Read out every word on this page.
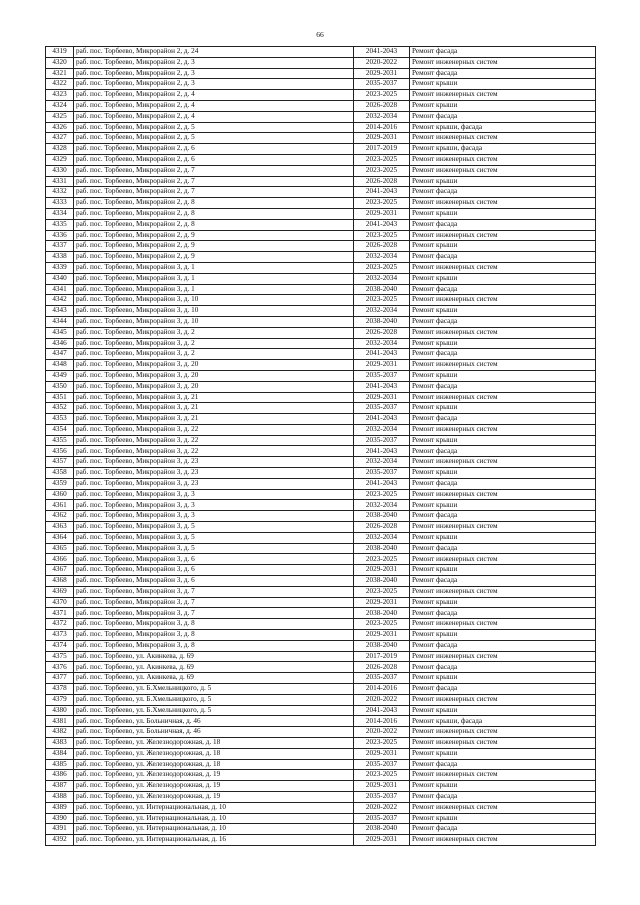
66
4319	раб. пос. Торбеево, Микрорайон 2, д. 24	2041-2043	Ремонт фасада
4320	раб. пос. Торбеево, Микрорайон 2, д. 3	2020-2022	Ремонт инженерных систем
4321	раб. пос. Торбеево, Микрорайон 2, д. 3	2029-2031	Ремонт фасада
4322	раб. пос. Торбеево, Микрорайон 2, д. 3	2035-2037	Ремонт крыши
4323	раб. пос. Торбеево, Микрорайон 2, д. 4	2023-2025	Ремонт инженерных систем
4324	раб. пос. Торбеево, Микрорайон 2, д. 4	2026-2028	Ремонт крыши
4325	раб. пос. Торбеево, Микрорайон 2, д. 4	2032-2034	Ремонт фасада
4326	раб. пос. Торбеево, Микрорайон 2, д. 5	2014-2016	Ремонт крыши, фасада
4327	раб. пос. Торбеево, Микрорайон 2, д. 5	2029-2031	Ремонт инженерных систем
4328	раб. пос. Торбеево, Микрорайон 2, д. 6	2017-2019	Ремонт крыши, фасада
4329	раб. пос. Торбеево, Микрорайон 2, д. 6	2023-2025	Ремонт инженерных систем
4330	раб. пос. Торбеево, Микрорайон 2, д. 7	2023-2025	Ремонт инженерных систем
4331	раб. пос. Торбеево, Микрорайон 2, д. 7	2026-2028	Ремонт крыши
4332	раб. пос. Торбеево, Микрорайон 2, д. 7	2041-2043	Ремонт фасада
4333	раб. пос. Торбеево, Микрорайон 2, д. 8	2023-2025	Ремонт инженерных систем
4334	раб. пос. Торбеево, Микрорайон 2, д. 8	2029-2031	Ремонт крыши
4335	раб. пос. Торбеево, Микрорайон 2, д. 8	2041-2043	Ремонт фасада
4336	раб. пос. Торбеево, Микрорайон 2, д. 9	2023-2025	Ремонт инженерных систем
4337	раб. пос. Торбеево, Микрорайон 2, д. 9	2026-2028	Ремонт крыши
4338	раб. пос. Торбеево, Микрорайон 2, д. 9	2032-2034	Ремонт фасада
4339	раб. пос. Торбеево, Микрорайон 3, д. 1	2023-2025	Ремонт инженерных систем
4340	раб. пос. Торбеево, Микрорайон 3, д. 1	2032-2034	Ремонт крыши
4341	раб. пос. Торбеево, Микрорайон 3, д. 1	2038-2040	Ремонт фасада
4342	раб. пос. Торбеево, Микрорайон 3, д. 10	2023-2025	Ремонт инженерных систем
4343	раб. пос. Торбеево, Микрорайон 3, д. 10	2032-2034	Ремонт крыши
4344	раб. пос. Торбеево, Микрорайон 3, д. 10	2038-2040	Ремонт фасада
4345	раб. пос. Торбеево, Микрорайон 3, д. 2	2026-2028	Ремонт инженерных систем
4346	раб. пос. Торбеево, Микрорайон 3, д. 2	2032-2034	Ремонт крыши
4347	раб. пос. Торбеево, Микрорайон 3, д. 2	2041-2043	Ремонт фасада
4348	раб. пос. Торбеево, Микрорайон 3, д. 20	2029-2031	Ремонт инженерных систем
4349	раб. пос. Торбеево, Микрорайон 3, д. 20	2035-2037	Ремонт крыши
4350	раб. пос. Торбеево, Микрорайон 3, д. 20	2041-2043	Ремонт фасада
4351	раб. пос. Торбеево, Микрорайон 3, д. 21	2029-2031	Ремонт инженерных систем
4352	раб. пос. Торбеево, Микрорайон 3, д. 21	2035-2037	Ремонт крыши
4353	раб. пос. Торбеево, Микрорайон 3, д. 21	2041-2043	Ремонт фасада
4354	раб. пос. Торбеево, Микрорайон 3, д. 22	2032-2034	Ремонт инженерных систем
4355	раб. пос. Торбеево, Микрорайон 3, д. 22	2035-2037	Ремонт крыши
4356	раб. пос. Торбеево, Микрорайон 3, д. 22	2041-2043	Ремонт фасада
4357	раб. пос. Торбеево, Микрорайон 3, д. 23	2032-2034	Ремонт инженерных систем
4358	раб. пос. Торбеево, Микрорайон 3, д. 23	2035-2037	Ремонт крыши
4359	раб. пос. Торбеево, Микрорайон 3, д. 23	2041-2043	Ремонт фасада
4360	раб. пос. Торбеево, Микрорайон 3, д. 3	2023-2025	Ремонт инженерных систем
4361	раб. пос. Торбеево, Микрорайон 3, д. 3	2032-2034	Ремонт крыши
4362	раб. пос. Торбеево, Микрорайон 3, д. 3	2038-2040	Ремонт фасада
4363	раб. пос. Торбеево, Микрорайон 3, д. 5	2026-2028	Ремонт инженерных систем
4364	раб. пос. Торбеево, Микрорайон 3, д. 5	2032-2034	Ремонт крыши
4365	раб. пос. Торбеево, Микрорайон 3, д. 5	2038-2040	Ремонт фасада
4366	раб. пос. Торбеево, Микрорайон 3, д. 6	2023-2025	Ремонт инженерных систем
4367	раб. пос. Торбеево, Микрорайон 3, д. 6	2029-2031	Ремонт крыши
4368	раб. пос. Торбеево, Микрорайон 3, д. 6	2038-2040	Ремонт фасада
4369	раб. пос. Торбеево, Микрорайон 3, д. 7	2023-2025	Ремонт инженерных систем
4370	раб. пос. Торбеево, Микрорайон 3, д. 7	2029-2031	Ремонт крыши
4371	раб. пос. Торбеево, Микрорайон 3, д. 7	2038-2040	Ремонт фасада
4372	раб. пос. Торбеево, Микрорайон 3, д. 8	2023-2025	Ремонт инженерных систем
4373	раб. пос. Торбеево, Микрорайон 3, д. 8	2029-2031	Ремонт крыши
4374	раб. пос. Торбеево, Микрорайон 3, д. 8	2038-2040	Ремонт фасада
4375	раб. пос. Торбеево, ул. Акинкева, д. 69	2017-2019	Ремонт инженерных систем
4376	раб. пос. Торбеево, ул. Акинкева, д. 69	2026-2028	Ремонт фасада
4377	раб. пос. Торбеево, ул. Акинкева, д. 69	2035-2037	Ремонт крыши
4378	раб. пос. Торбеево, ул. Б.Хмельницкого, д. 5	2014-2016	Ремонт фасада
4379	раб. пос. Торбеево, ул. Б.Хмельницкого, д. 5	2020-2022	Ремонт инженерных систем
4380	раб. пос. Торбеево, ул. Б.Хмельницкого, д. 5	2041-2043	Ремонт крыши
4381	раб. пос. Торбеево, ул. Больничная, д. 46	2014-2016	Ремонт крыши, фасада
4382	раб. пос. Торбеево, ул. Больничная, д. 46	2020-2022	Ремонт инженерных систем
4383	раб. пос. Торбеево, ул. Железнодорожная, д. 18	2023-2025	Ремонт инженерных систем
4384	раб. пос. Торбеево, ул. Железнодорожная, д. 18	2029-2031	Ремонт крыши
4385	раб. пос. Торбеево, ул. Железнодорожная, д. 18	2035-2037	Ремонт фасада
4386	раб. пос. Торбеево, ул. Железнодорожная, д. 19	2023-2025	Ремонт инженерных систем
4387	раб. пос. Торбеево, ул. Железнодорожная, д. 19	2029-2031	Ремонт крыши
4388	раб. пос. Торбеево, ул. Железнодорожная, д. 19	2035-2037	Ремонт фасада
4389	раб. пос. Торбеево, ул. Интернациональная, д. 10	2020-2022	Ремонт инженерных систем
4390	раб. пос. Торбеево, ул. Интернациональная, д. 10	2035-2037	Ремонт крыши
4391	раб. пос. Торбеево, ул. Интернациональная, д. 10	2038-2040	Ремонт фасада
4392	раб. пос. Торбеево, ул. Интернациональная, д. 16	2029-2031	Ремонт инженерных систем
